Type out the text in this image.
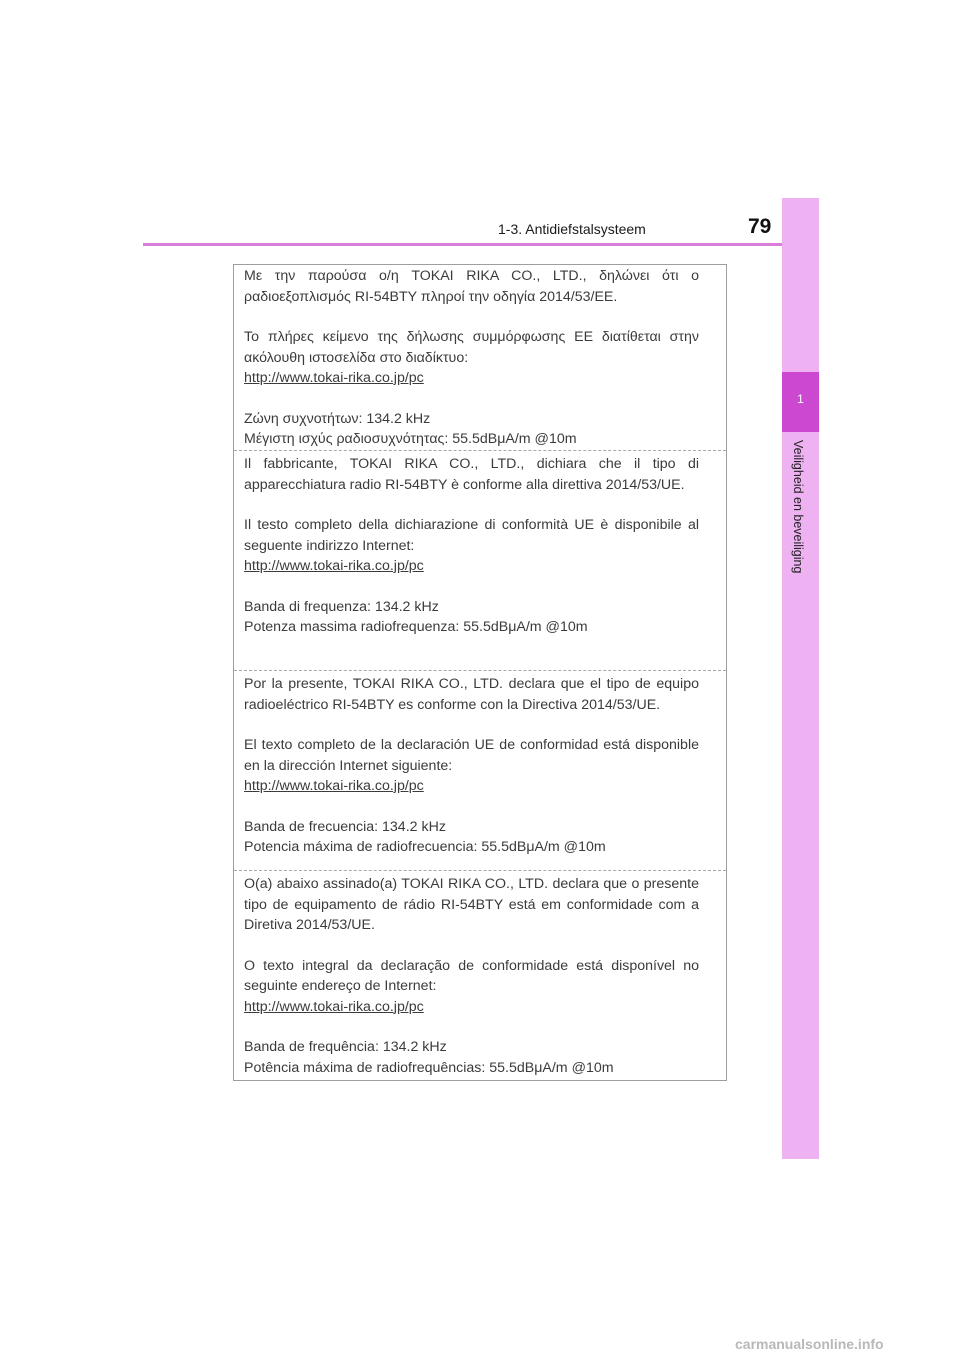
1-3. Antidiefstalsysteem	79
1
Veiligheid en beveiliging

Με την παρούσα ο/η TOKAI RIKA CO., LTD., δηλώνει ότι ο ραδιοεξοπλισμός RI-54BTY πληροί την οδηγία 2014/53/ΕΕ.

Το πλήρες κείμενο της δήλωσης συμμόρφωσης ΕΕ διατίθεται στην ακόλουθη ιστοσελίδα στο διαδίκτυο:

http://www.tokai-rika.co.jp/pc

Ζώνη συχνοτήτων: 134.2 kHz

Μέγιστη ισχύς ραδιοσυχνότητας: 55.5dBμA/m @10m

Il fabbricante, TOKAI RIKA CO., LTD., dichiara che il tipo di apparecchiatura radio RI-54BTY è conforme alla direttiva 2014/53/UE.

Il testo completo della dichiarazione di conformità UE è disponibile al seguente indirizzo Internet:

http://www.tokai-rika.co.jp/pc

Banda di frequenza: 134.2 kHz

Potenza massima radiofrequenza: 55.5dBμA/m @10m

Por la presente, TOKAI RIKA CO., LTD. declara que el tipo de equipo radioeléctrico RI-54BTY es conforme con la Directiva 2014/53/UE.

El texto completo de la declaración UE de conformidad está disponible en la dirección Internet siguiente:

http://www.tokai-rika.co.jp/pc

Banda de frecuencia: 134.2 kHz

Potencia máxima de radiofrecuencia: 55.5dBμA/m @10m

O(a) abaixo assinado(a) TOKAI RIKA CO., LTD. declara que o presente tipo de equipamento de rádio RI-54BTY está em conformidade com a Diretiva 2014/53/UE.

O texto integral da declaração de conformidade está disponível no seguinte endereço de Internet:

http://www.tokai-rika.co.jp/pc

Banda de frequência: 134.2 kHz

Potência máxima de radiofrequências: 55.5dBμA/m @10m

carmanualsonline.info
